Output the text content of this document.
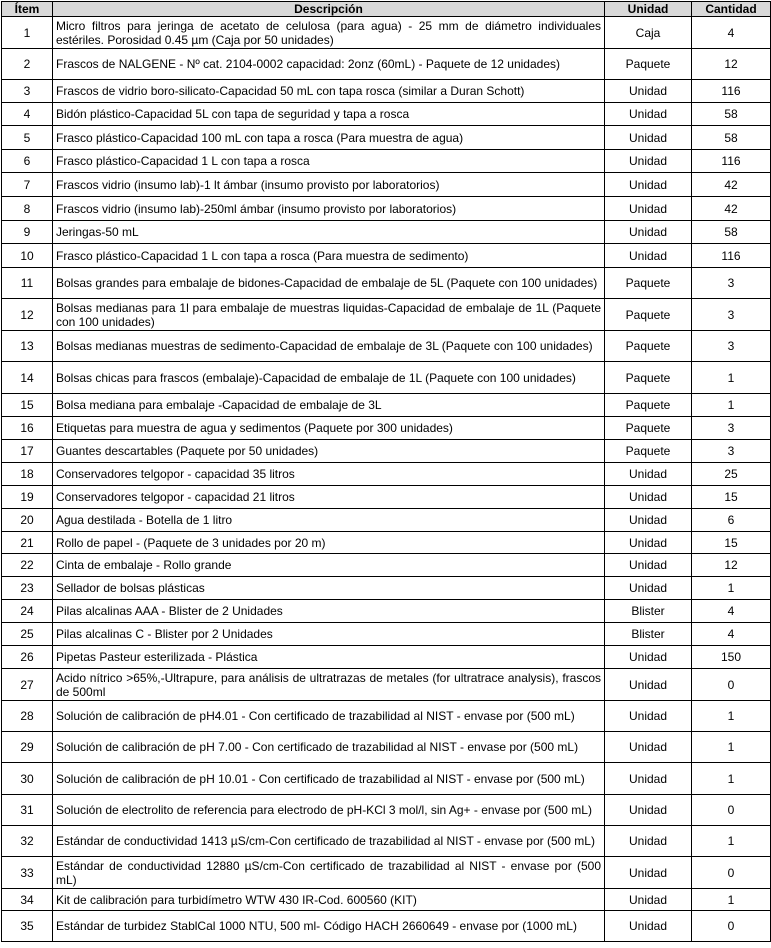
Ítem	Descripción	Unidad	Cantidad
1	Micro filtros para jeringa de acetato de celulosa (para agua) - 25 mm de diámetro individuales estériles. Porosidad 0.45 µm (Caja por 50 unidades)	Caja	4
2	Frascos de NALGENE - Nº cat. 2104-0002 capacidad: 2onz (60mL) - Paquete de 12 unidades)	Paquete	12
3	Frascos de vidrio boro-silicato-Capacidad 50 mL con tapa rosca (similar a Duran Schott)	Unidad	116
4	Bidón plástico-Capacidad 5L con tapa de seguridad y tapa a rosca	Unidad	58
5	Frasco plástico-Capacidad 100 mL con tapa a rosca (Para muestra de agua)	Unidad	58
6	Frasco plástico-Capacidad 1 L con tapa a rosca	Unidad	116
7	Frascos vidrio (insumo lab)-1 lt ámbar (insumo provisto por laboratorios)	Unidad	42
8	Frascos vidrio (insumo lab)-250ml ámbar (insumo provisto por laboratorios)	Unidad	42
9	Jeringas-50 mL	Unidad	58
10	Frasco plástico-Capacidad 1 L con tapa a rosca (Para muestra de sedimento)	Unidad	116
11	Bolsas grandes para embalaje de bidones-Capacidad de embalaje de 5L (Paquete con 100 unidades)	Paquete	3
12	Bolsas medianas para 1l para embalaje de muestras liquidas-Capacidad de embalaje de 1L (Paquete con 100 unidades)	Paquete	3
13	Bolsas medianas muestras de sedimento-Capacidad de embalaje de 3L (Paquete con 100 unidades)	Paquete	3
14	Bolsas chicas para frascos (embalaje)-Capacidad de embalaje de 1L (Paquete con 100 unidades)	Paquete	1
15	Bolsa mediana para embalaje -Capacidad de embalaje de 3L	Paquete	1
16	Etiquetas para muestra de agua y sedimentos (Paquete por 300 unidades)	Paquete	3
17	Guantes descartables (Paquete por 50 unidades)	Paquete	3
18	Conservadores telgopor - capacidad 35 litros	Unidad	25
19	Conservadores telgopor - capacidad 21 litros	Unidad	15
20	Agua destilada - Botella de 1 litro	Unidad	6
21	Rollo de papel - (Paquete de 3 unidades por 20 m)	Unidad	15
22	Cinta de embalaje - Rollo grande	Unidad	12
23	Sellador de bolsas plásticas	Unidad	1
24	Pilas alcalinas AAA - Blister de 2 Unidades	Blister	4
25	Pilas alcalinas C - Blister por 2 Unidades	Blister	4
26	Pipetas Pasteur esterilizada - Plástica	Unidad	150
27	Acido nítrico >65%,-Ultrapure, para análisis de ultratrazas de metales (for ultratrace analysis), frascos de 500ml	Unidad	0
28	Solución de calibración de pH4.01 - Con certificado de trazabilidad al NIST - envase por (500 mL)	Unidad	1
29	Solución de calibración de pH 7.00 - Con certificado de trazabilidad al NIST - envase por (500 mL)	Unidad	1
30	Solución de calibración de pH 10.01 - Con certificado de trazabilidad al NIST - envase por (500 mL)	Unidad	1
31	Solución de electrolito de referencia para electrodo de pH-KCl 3 mol/l, sin Ag+ - envase por (500 mL)	Unidad	0
32	Estándar de conductividad 1413 µS/cm-Con certificado de trazabilidad al NIST - envase por (500 mL)	Unidad	1
33	Estándar de conductividad 12880 µS/cm-Con certificado de trazabilidad al NIST - envase por (500 mL)	Unidad	0
34	Kit de calibración para turbidímetro WTW 430 IR-Cod. 600560 (KIT)	Unidad	1
35	Estándar de turbidez StablCal 1000 NTU, 500 ml- Código HACH 2660649 - envase por (1000 mL)	Unidad	0
